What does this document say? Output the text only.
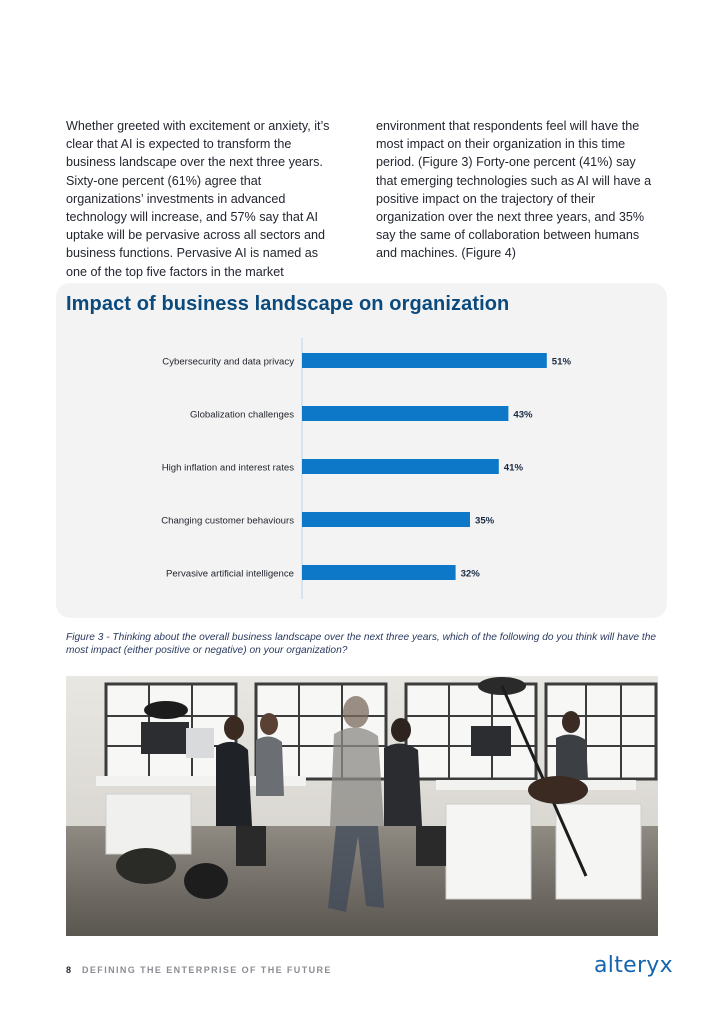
Whether greeted with excitement or anxiety, it’s clear that AI is expected to transform the business landscape over the next three years. Sixty-one percent (61%) agree that organizations’ investments in advanced technology will increase, and 57% say that AI uptake will be pervasive across all sectors and business functions. Pervasive AI is named as one of the top five factors in the market

environment that respondents feel will have the most impact on their organization in this time period. (Figure 3) Forty-one percent (41%) say that emerging technologies such as AI will have a positive impact on the trajectory of their organization over the next three years, and 35% say the same of collaboration between humans and machines. (Figure 4)

Impact of business landscape on organization
Cybersecurity and data privacy	51%
Globalization challenges	43%
High inflation and interest rates	41%
Changing customer behaviours	35%
Pervasive artificial intelligence	32%

Figure 3 - Thinking about the overall business landscape over the next three years, which of the following do you think will have the most impact (either positive or negative) on your organization?

8 DEFINING THE ENTERPRISE OF THE FUTURE	alteryx
